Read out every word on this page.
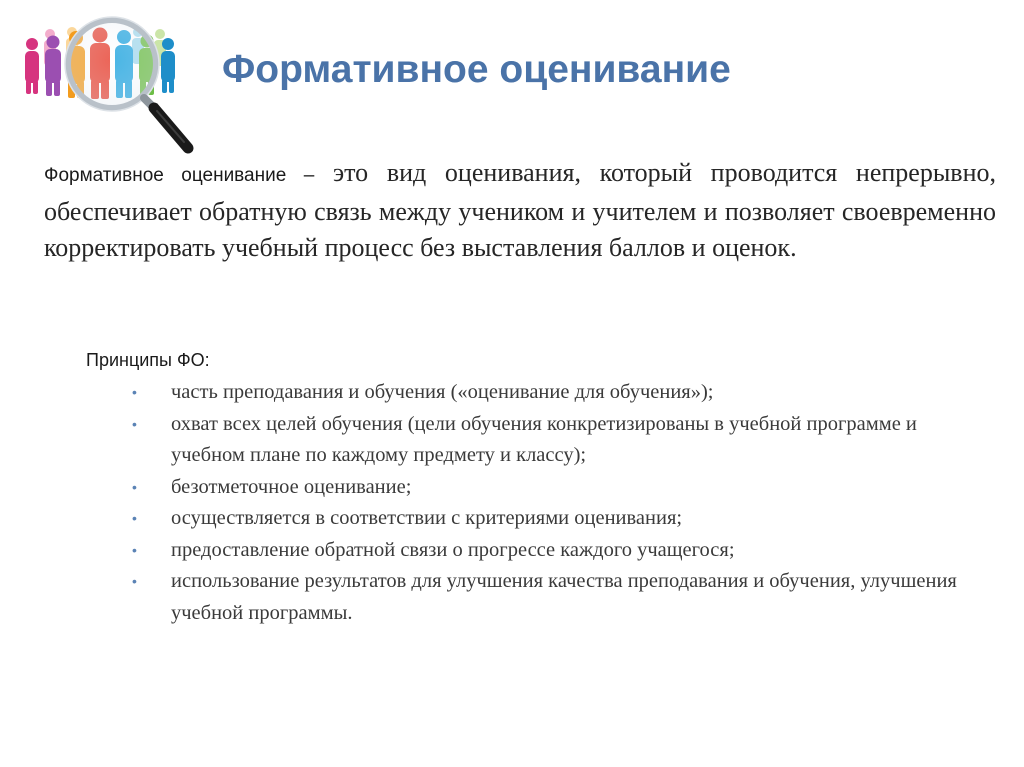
Формативное оценивание
Формативное оценивание – это вид оценивания, который проводится непрерывно, обеспечивает обратную связь между учеником и учителем и позволяет своевременно корректировать учебный процесс без выставления баллов и оценок.
Принципы ФО:
• часть преподавания и обучения («оценивание для обучения»);
• охват всех целей обучения (цели обучения конкретизированы в учебной программе и учебном плане по каждому предмету и классу);
• безотметочное оценивание;
• осуществляется в соответствии с критериями оценивания;
• предоставление обратной связи о прогрессе каждого учащегося;
• использование результатов для улучшения качества преподавания и обучения, улучшения учебной программы.
